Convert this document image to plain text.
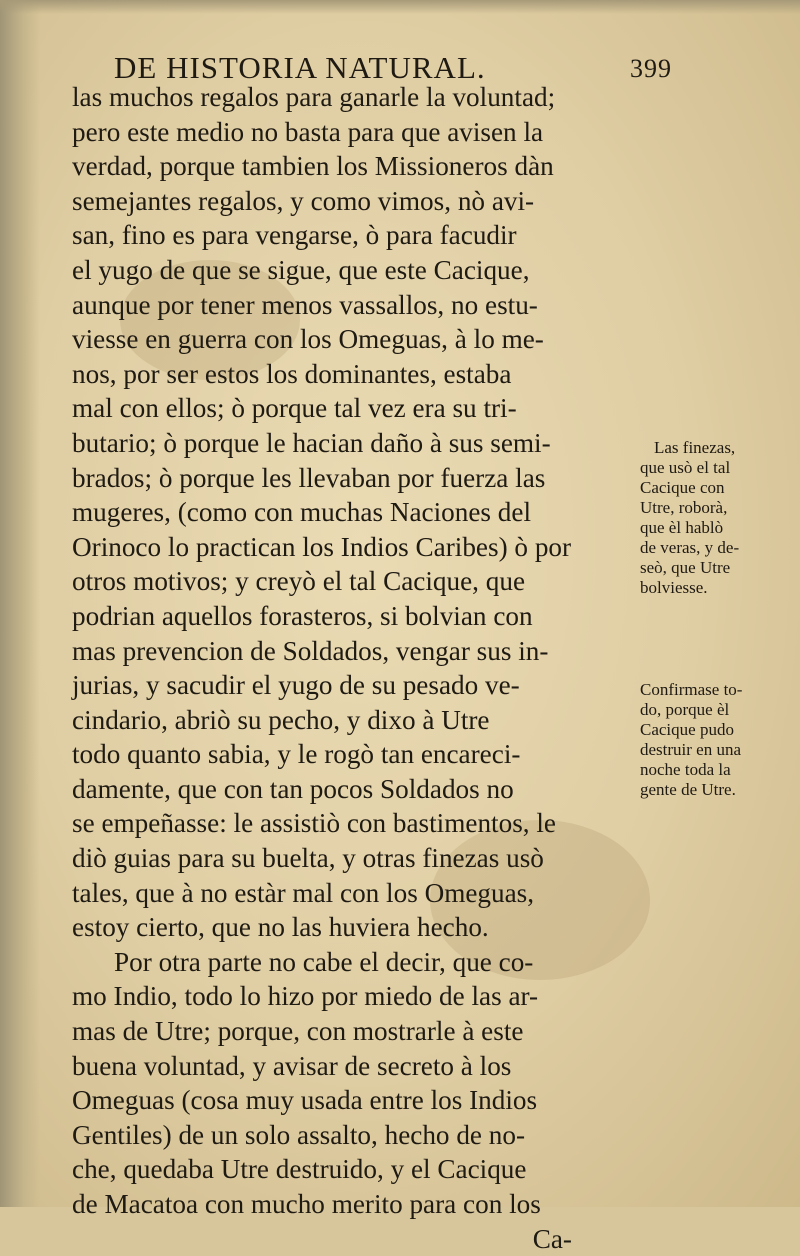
DE HISTORIA NATURAL.	399
las muchos regalos para ganarle la voluntad;
pero este medio no basta para que avisen la
verdad, porque tambien los Missioneros dàn
semejantes regalos, y como vimos, nò avi-
san, fino es para vengarse, ò para facudir
el yugo de que se sigue, que este Cacique,
aunque por tener menos vassallos, no estu-
viesse en guerra con los Omeguas, à lo me-
nos, por ser estos los dominantes, estaba
mal con ellos; ò porque tal vez era su tri-
butario; ò porque le hacian daño à sus semi-
brados; ò porque les llevaban por fuerza las
mugeres, (como con muchas Naciones del
Orinoco lo practican los Indios Caribes) ò por
otros motivos; y creyò el tal Cacique, que
podrian aquellos forasteros, si bolvian con
mas prevencion de Soldados, vengar sus in-
jurias, y sacudir el yugo de su pesado ve-
cindario, abriò su pecho, y dixo à Utre
todo quanto sabia, y le rogò tan encareci-
damente, que con tan pocos Soldados no
se empeñasse: le assistiò con bastimentos, le
diò guias para su buelta, y otras finezas usò
tales, que à no estàr mal con los Omeguas,
estoy cierto, que no las huviera hecho.
Por otra parte no cabe el decir, que co-
mo Indio, todo lo hizo por miedo de las ar-
mas de Utre; porque, con mostrarle à este
buena voluntad, y avisar de secreto à los
Omeguas (cosa muy usada entre los Indios
Gentiles) de un solo assalto, hecho de no-
che, quedaba Utre destruido, y el Cacique
de Macatoa con mucho merito para con los
Ca-
Las finezas,
que usò el tal
Cacique con
Utre, roborà,
que èl hablò
de veras, y de-
seò, que Utre
bolviesse.
Confirmase to-
do, porque èl
Cacique pudo
destruir en una
noche toda la
gente de Utre.
